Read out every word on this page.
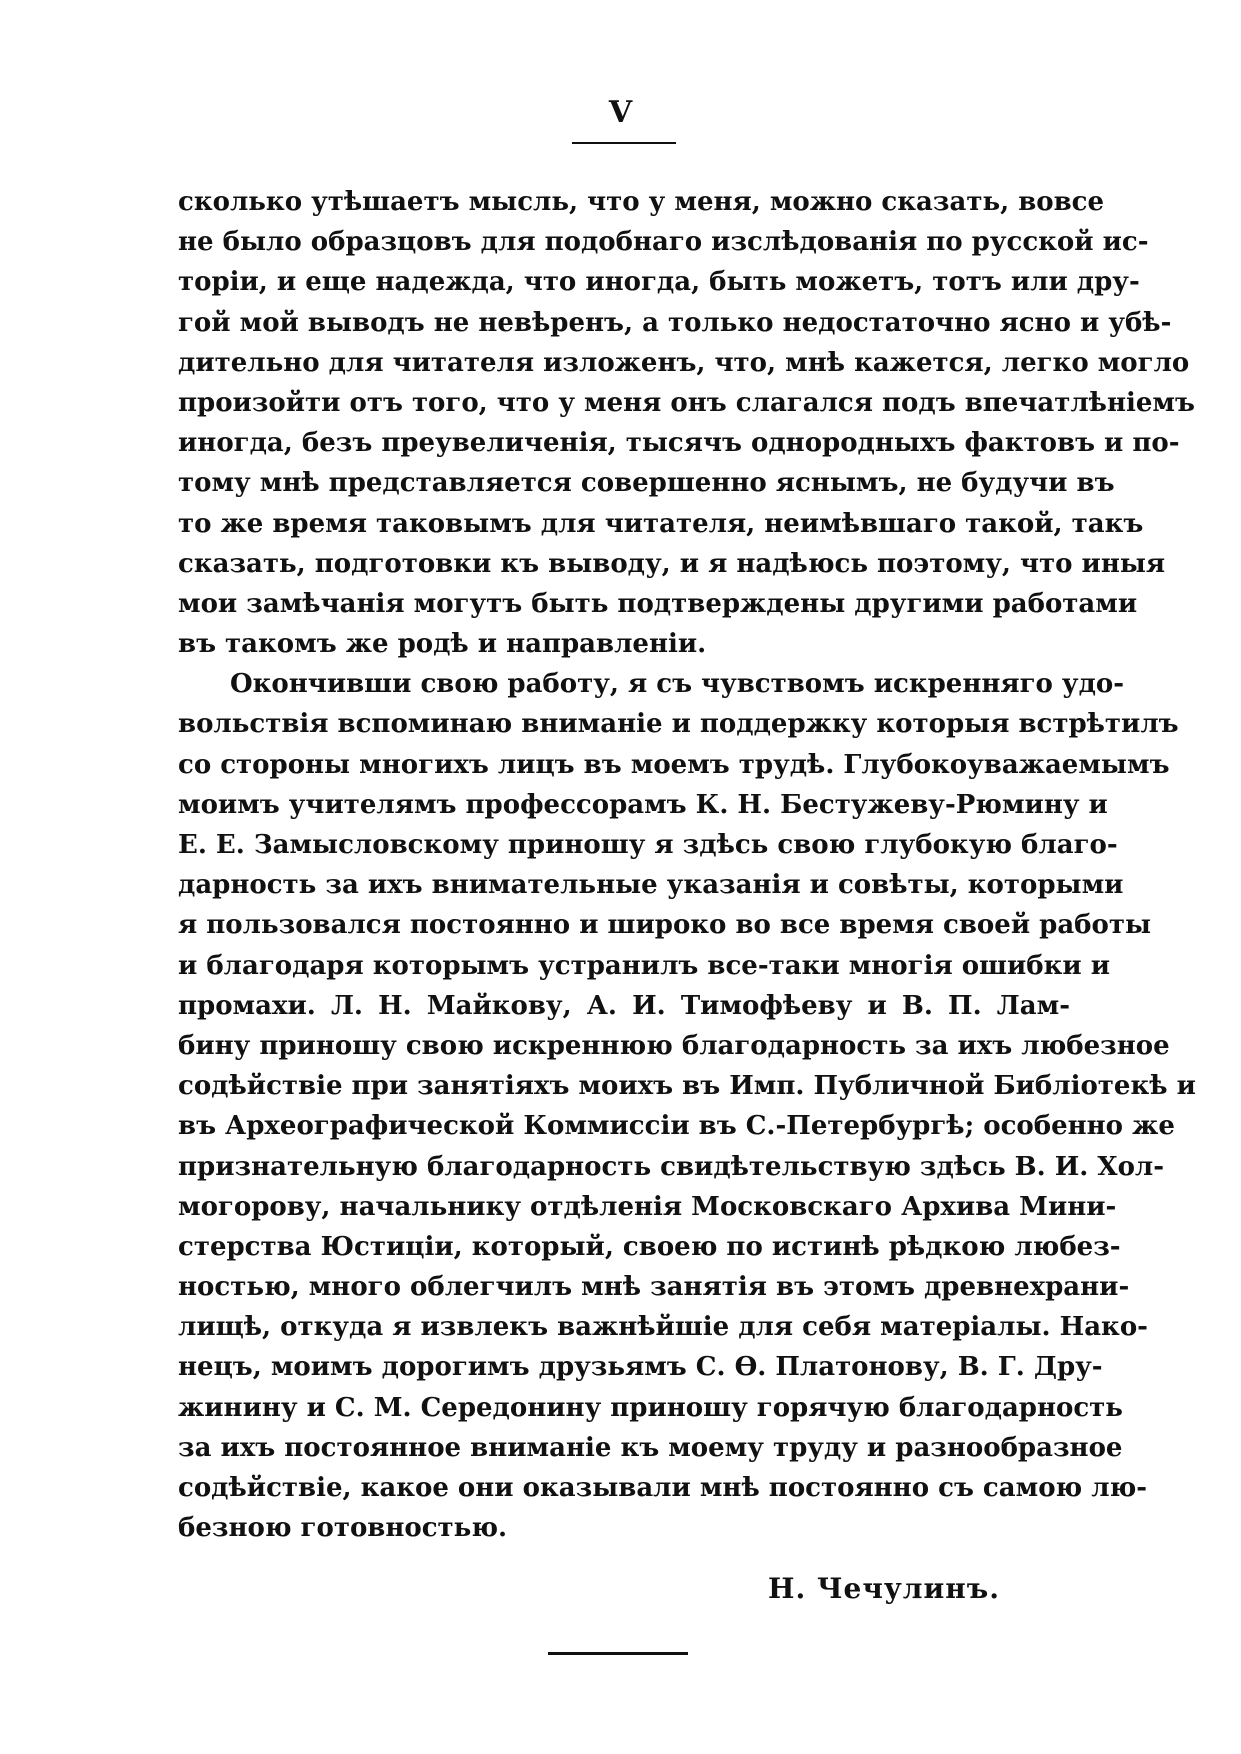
V
сколько утѣшаетъ мысль, что у меня, можно сказать, вовсе
не было образцовъ для подобнаго изслѣдованія по русской ис-
торіи, и еще надежда, что иногда, быть можетъ, тотъ или дру-
гой мой выводъ не невѣренъ, а только недостаточно ясно и убѣ-
дительно для читателя изложенъ, что, мнѣ кажется, легко могло
произойти отъ того, что у меня онъ слагался подъ впечатлѣніемъ
иногда, безъ преувеличенія, тысячъ однородныхъ фактовъ и по-
тому мнѣ представляется совершенно яснымъ, не будучи въ
то же время таковымъ для читателя, неимѣвшаго такой, такъ
сказать, подготовки къ выводу, и я надѣюсь поэтому, что иныя
мои замѣчанія могутъ быть подтверждены другими работами
въ такомъ же родѣ и направленіи.
Окончивши свою работу, я съ чувствомъ искренняго удо-
вольствія вспоминаю вниманіе и поддержку которыя встрѣтилъ
со стороны многихъ лицъ въ моемъ трудѣ. Глубокоуважаемымъ
моимъ учителямъ профессорамъ К. Н. Бестужеву-Рюмину и
Е. Е. Замысловскому приношу я здѣсь свою глубокую благо-
дарность за ихъ внимательные указанія и совѣты, которыми
я пользовался постоянно и широко во все время своей работы
и благодаря которымъ устранилъ все-таки многія ошибки и
промахи. Л. Н. Майкову, А. И. Тимофѣеву и В. П. Лам-
бину приношу свою искреннюю благодарность за ихъ любезное
содѣйствіе при занятіяхъ моихъ въ Имп. Публичной Библіотекѣ и
въ Археографической Коммиссіи въ С.-Петербургѣ; особенно же
признательную благодарность свидѣтельствую здѣсь В. И. Хол-
могорову, начальнику отдѣленія Московскаго Архива Мини-
стерства Юстиціи, который, своею по истинѣ рѣдкою любез-
ностью, много облегчилъ мнѣ занятія въ этомъ древнехрани-
лищѣ, откуда я извлекъ важнѣйшіе для себя матеріалы. Нако-
нецъ, моимъ дорогимъ друзьямъ С. Ѳ. Платонову, В. Г. Дру-
жинину и С. М. Середонину приношу горячую благодарность
за ихъ постоянное вниманіе къ моему труду и разнообразное
содѣйствіе, какое они оказывали мнѣ постоянно съ самою лю-
безною готовностью.
Н. Чечулинъ.
